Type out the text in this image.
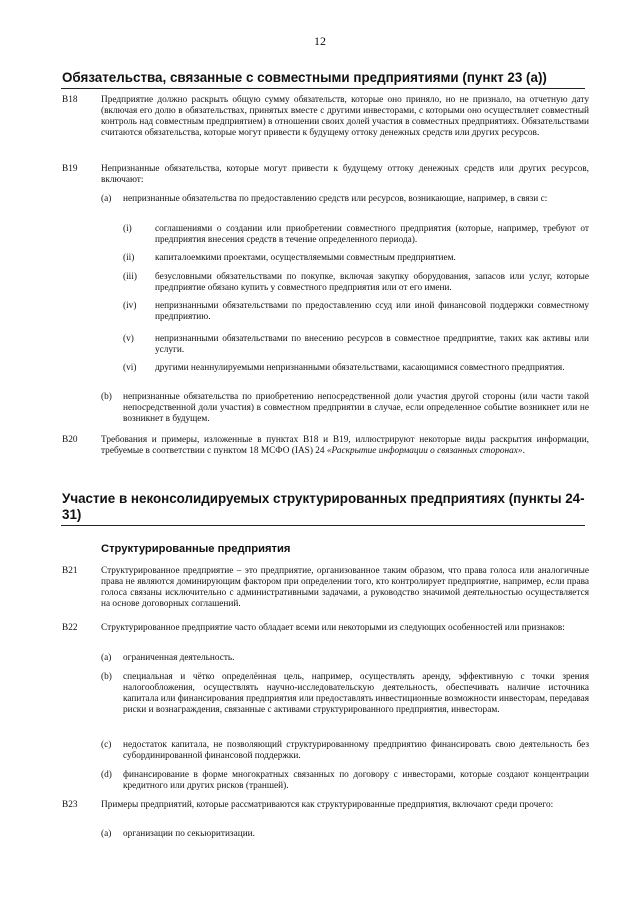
12
Обязательства, связанные с совместными предприятиями (пункт 23 (а))
B18	Предприятие должно раскрыть общую сумму обязательств, которые оно приняло, но не признало, на отчетную дату (включая его долю в обязательствах, принятых вместе с другими инвесторами, с которыми оно осуществляет совместный контроль над совместным предприятием) в отношении своих долей участия в совместных предприятиях. Обязательствами считаются обязательства, которые могут привести к будущему оттоку денежных средств или других ресурсов.
B19	Непризнанные обязательства, которые могут привести к будущему оттоку денежных средств или других ресурсов, включают:
(a) непризнанные обязательства по предоставлению средств или ресурсов, возникающие, например, в связи с:
(i) соглашениями о создании или приобретении совместного предприятия (которые, например, требуют от предприятия внесения средств в течение определенного периода).
(ii) капиталоемкими проектами, осуществляемыми совместным предприятием.
(iii) безусловными обязательствами по покупке, включая закупку оборудования, запасов или услуг, которые предприятие обязано купить у совместного предприятия или от его имени.
(iv) непризнанными обязательствами по предоставлению ссуд или иной финансовой поддержки совместному предприятию.
(v) непризнанными обязательствами по внесению ресурсов в совместное предприятие, таких как активы или услуги.
(vi) другими неаннулируемыми непризнанными обязательствами, касающимися совместного предприятия.
(b) непризнанные обязательства по приобретению непосредственной доли участия другой стороны (или части такой непосредственной доли участия) в совместном предприятии в случае, если определенное событие возникнет или не возникнет в будущем.
B20	Требования и примеры, изложенные в пунктах B18 и B19, иллюстрируют некоторые виды раскрытия информации, требуемые в соответствии с пунктом 18 МСФО (IAS) 24 «Раскрытие информации о связанных сторонах».
Участие в неконсолидируемых структурированных предприятиях (пункты 24-31)
Структурированные предприятия
B21	Структурированное предприятие – это предприятие, организованное таким образом, что права голоса или аналогичные права не являются доминирующим фактором при определении того, кто контролирует предприятие, например, если права голоса связаны исключительно с административными задачами, а руководство значимой деятельностью осуществляется на основе договорных соглашений.
B22	Структурированное предприятие часто обладает всеми или некоторыми из следующих особенностей или признаков:
(a) ограниченная деятельность.
(b) специальная и чётко определённая цель, например, осуществлять аренду, эффективную с точки зрения налогообложения, осуществлять научно-исследовательскую деятельность, обеспечивать наличие источника капитала или финансирования предприятия или предоставлять инвестиционные возможности инвесторам, передавая риски и вознаграждения, связанные с активами структурированного предприятия, инвесторам.
(c) недостаток капитала, не позволяющий структурированному предприятию финансировать свою деятельность без субординированной финансовой поддержки.
(d) финансирование в форме многократных связанных по договору с инвесторами, которые создают концентрации кредитного или других рисков (траншей).
B23	Примеры предприятий, которые рассматриваются как структурированные предприятия, включают среди прочего:
(a) организации по секьюритизации.
